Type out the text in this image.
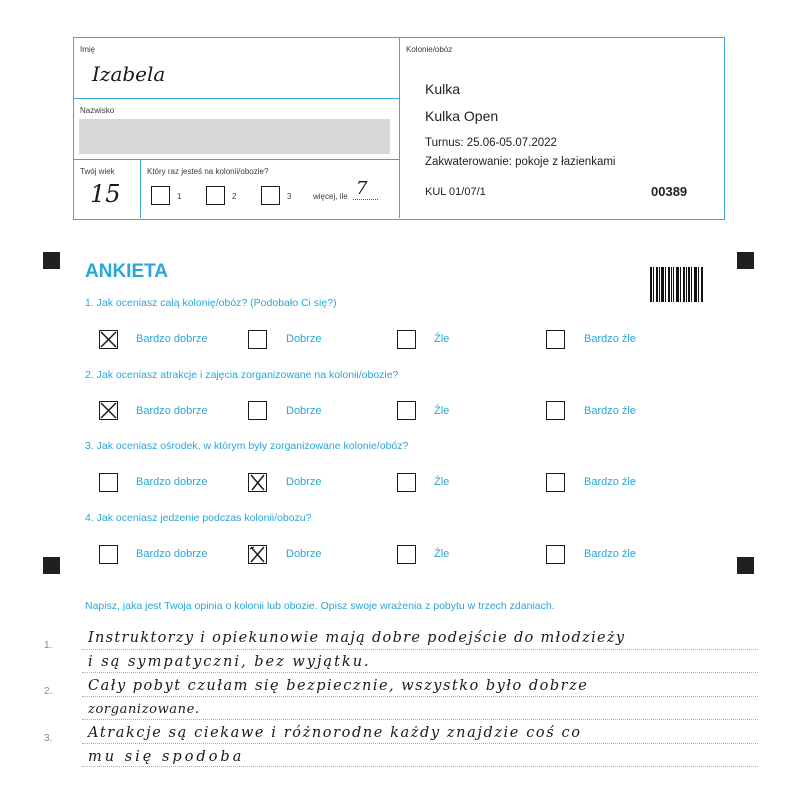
Imię
Izabela
Nazwisko
Twój wiek
15
Który raz jesteś na kolonii/obozie?
1	2	3	więcej, ile 7
Kolonie/obóz
Kulka
Kulka Open
Turnus: 25.06-05.07.2022
Zakwaterowanie: pokoje z łazienkami
KUL 01/07/1	00389
ANKIETA
1. Jak oceniasz całą kolonię/obóz? (Podobało Ci się?)
Bardzo dobrze	Dobrze	Źle	Bardzo źle
2. Jak oceniasz atrakcje i zajęcia zorganizowane na kolonii/obozie?
Bardzo dobrze	Dobrze	Źle	Bardzo źle
3. Jak oceniasz ośrodek, w którym były zorganizowane kolonie/obóz?
Bardzo dobrze	Dobrze	Źle	Bardzo źle
4. Jak oceniasz jedzenie podczas kolonii/obozu?
Bardzo dobrze	Dobrze	Źle	Bardzo źle
Napisz, jaka jest Twoja opinia o kolonii lub obozie. Opisz swoje wrażenia z pobytu w trzech zdaniach.
1.
2.
3.
Instruktorzy i opiekunowie mają dobre podejście do młodzieży
i są sympatyczni, bez wyjątku.
Cały pobyt czułam się bezpiecznie, wszystko było dobrze
zorganizowane.
Atrakcje są ciekawe i różnorodne każdy znajdzie coś co
mu się spodoba
